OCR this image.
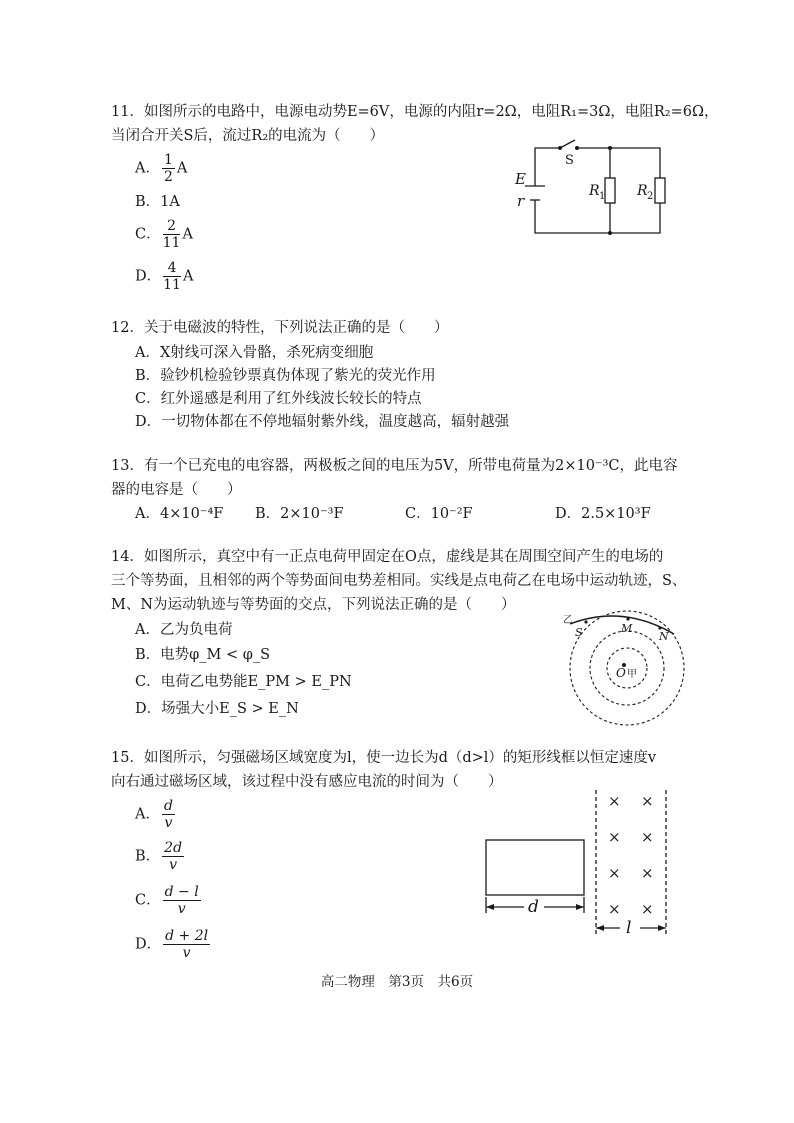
11．如图所示的电路中，电源电动势E=6V，电源的内阻r=2Ω，电阻R₁=3Ω，电阻R₂=6Ω，
当闭合开关S后，流过R₂的电流为（　　）
A． $\frac{1}{2}$ A
B．1A
C． $\frac{2}{11}$ A
D． $\frac{4}{11}$ A
S
E
r
R 1 R 2
12．关于电磁波的特性，下列说法正确的是（　　）
A．X射线可深入骨骼，杀死病变细胞
B．验钞机检验钞票真伪体现了紫光的荧光作用
C．红外遥感是利用了红外线波长较长的特点
D．一切物体都在不停地辐射紫外线，温度越高，辐射越强
13．有一个已充电的电容器，两极板之间的电压为5V，所带电荷量为2×10⁻³C，此电容
器的电容是（　　）
A．4×10⁻⁴F B．2×10⁻³F	C．10⁻²F	D．2.5×10³F
14．如图所示，真空中有一正点电荷甲固定在O点，虚线是其在周围空间产生的电场的
三个等势面，且相邻的两个等势面间电势差相同。实线是点电荷乙在电场中运动轨迹，S、
M、N为运动轨迹与等势面的交点，下列说法正确的是（　　）
A．乙为负电荷
B．电势φ_M < φ_S
C．电荷乙电势能E_PM > E_PN
D．场强大小E_S > E_N
乙
S	M
N
O 甲
15．如图所示，匀强磁场区域宽度为l，使一边长为d（d>l）的矩形线框以恒定速度v
向右通过磁场区域，该过程中没有感应电流的时间为（　　）
A． $\frac{d}{v}$
B． $\frac{2d}{v}$
C． $\frac{d - l}{v}$
D． $\frac{d + 2l}{v}$
× ×
× ×
× ×
× ×
d
l
高二物理　第3页　共6页
